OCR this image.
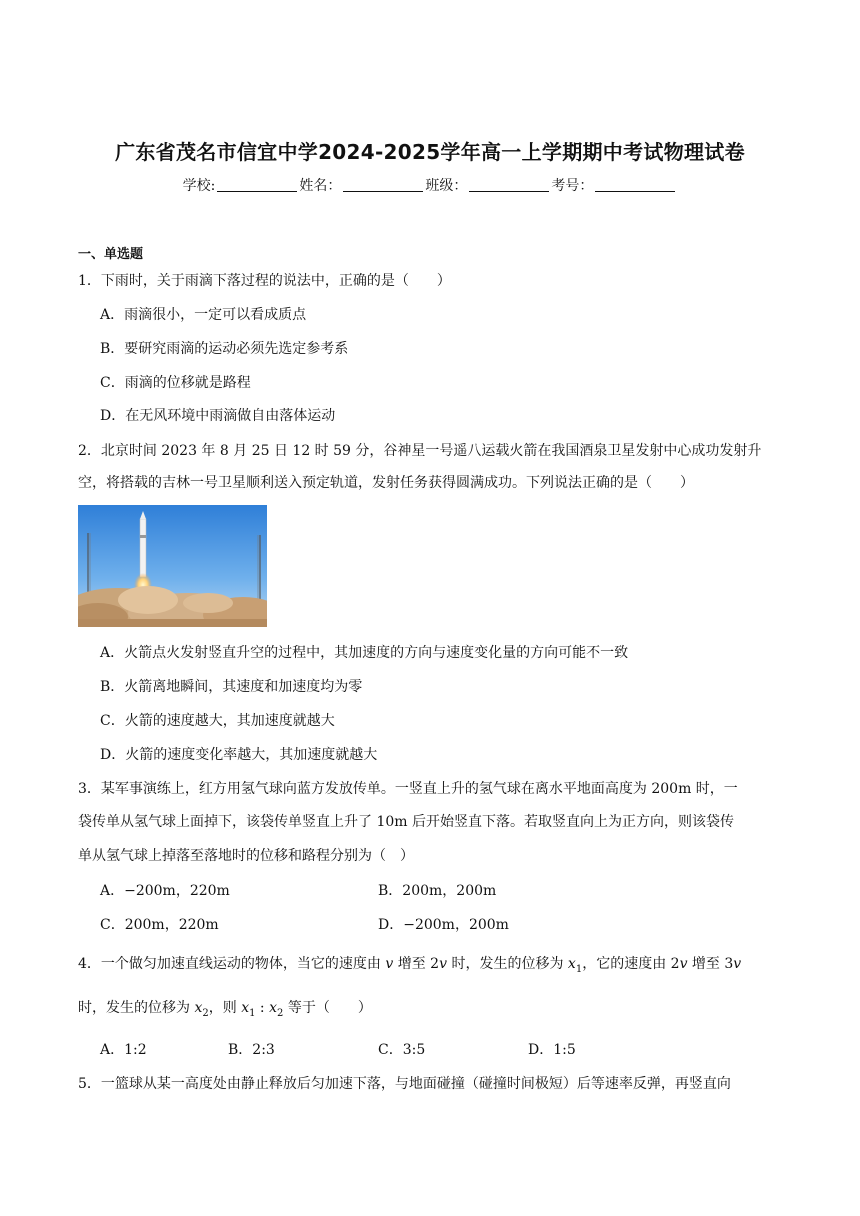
广东省茂名市信宜中学2024-2025学年高一上学期期中考试物理试卷
学校:	姓名：	班级：	考号：
一、单选题
1．下雨时，关于雨滴下落过程的说法中，正确的是（　　）
A．雨滴很小，一定可以看成质点
B．要研究雨滴的运动必须先选定参考系
C．雨滴的位移就是路程
D．在无风环境中雨滴做自由落体运动
2．北京时间 2023 年 8 月 25 日 12 时 59 分，谷神星一号遥八运载火箭在我国酒泉卫星发射中心成功发射升
空，将搭载的吉林一号卫星顺利送入预定轨道，发射任务获得圆满成功。下列说法正确的是（　　）
A．火箭点火发射竖直升空的过程中，其加速度的方向与速度变化量的方向可能不一致
B．火箭离地瞬间，其速度和加速度均为零
C．火箭的速度越大，其加速度就越大
D．火箭的速度变化率越大，其加速度就越大
3．某军事演练上，红方用氢气球向蓝方发放传单。一竖直上升的氢气球在离水平地面高度为 200m 时，一
袋传单从氢气球上面掉下，该袋传单竖直上升了 10m 后开始竖直下落。若取竖直向上为正方向，则该袋传
单从氢气球上掉落至落地时的位移和路程分别为（　）
A．−200m，220m	B．200m，200m
C．200m，220m	D．−200m，200m
4．一个做匀加速直线运动的物体，当它的速度由 v 增至 2v 时，发生的位移为 $x_1$，它的速度由 2v 增至 3v
时，发生的位移为 $x_2$，则 $x_1$ : $x_2$ 等于（　　）
A．1:2	B．2:3	C．3:5	D．1:5
5．一篮球从某一高度处由静止释放后匀加速下落，与地面碰撞（碰撞时间极短）后等速率反弹，再竖直向
